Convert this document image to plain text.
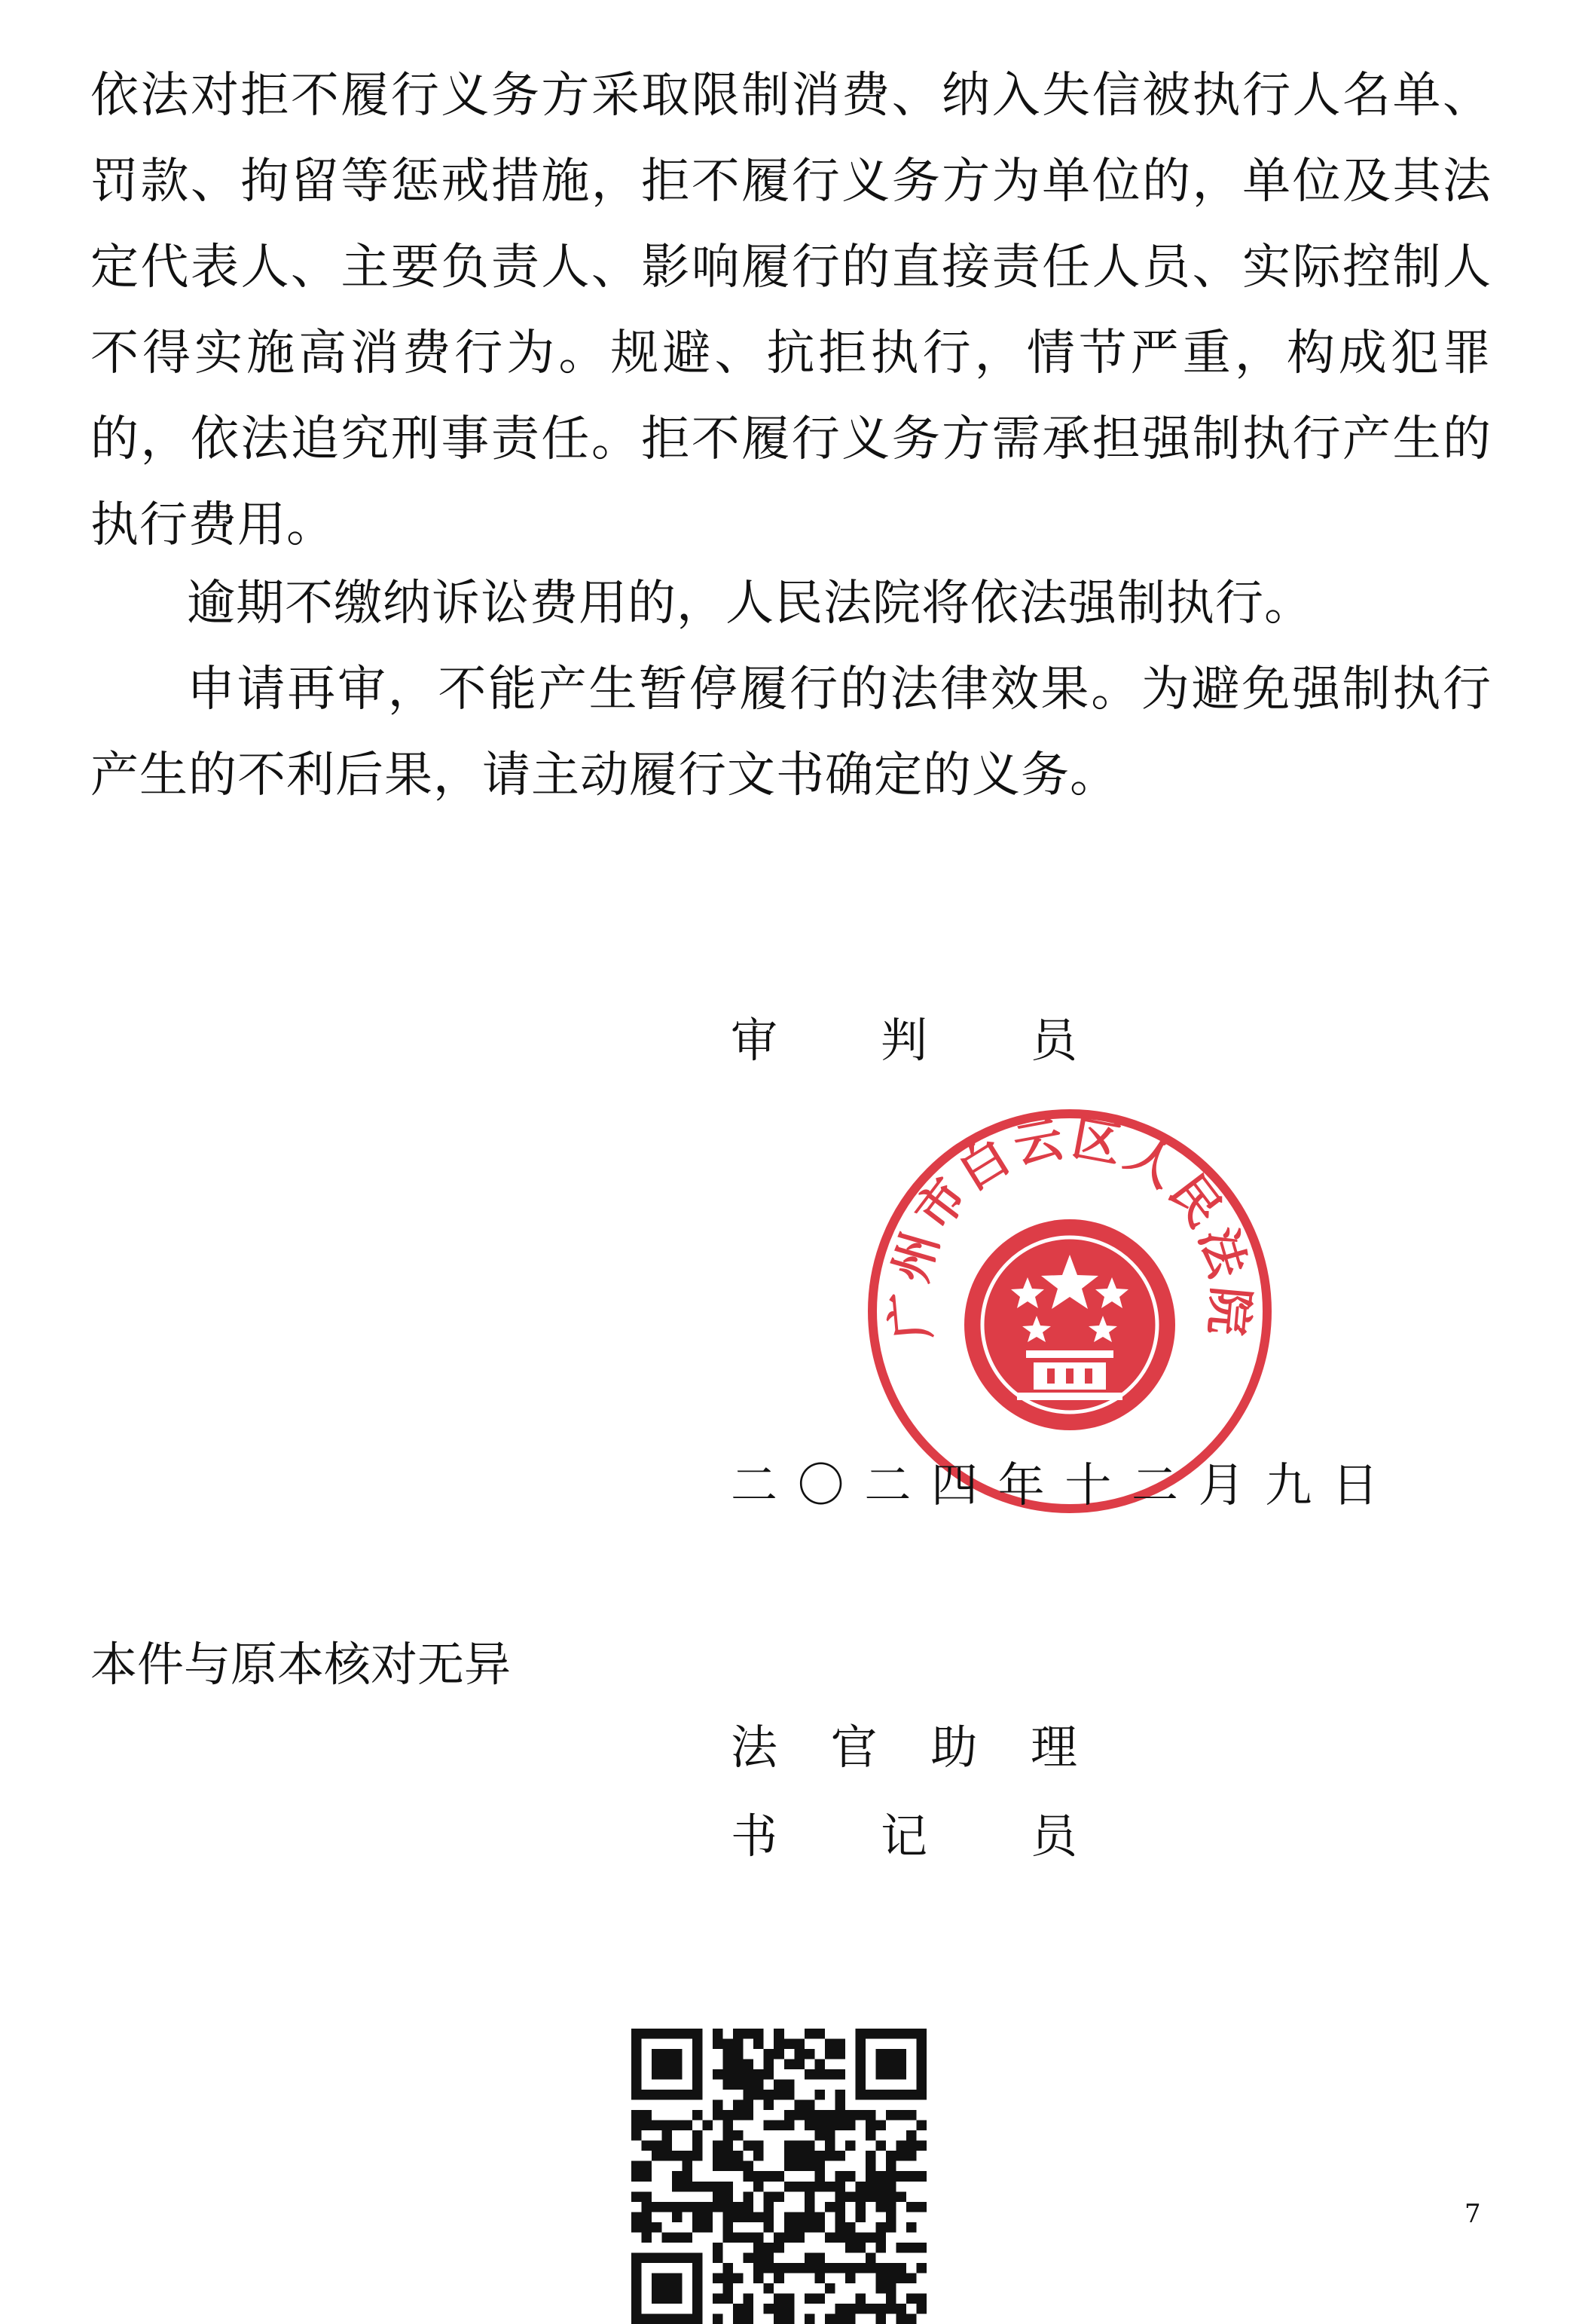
依法对拒不履行义务方采取限制消费、纳入失信被执行人名单、罚款、拘留等惩戒措施，拒不履行义务方为单位的，单位及其法定代表人、主要负责人、影响履行的直接责任人员、实际控制人不得实施高消费行为。规避、抗拒执行，情节严重，构成犯罪的，依法追究刑事责任。拒不履行义务方需承担强制执行产生的执行费用。

逾期不缴纳诉讼费用的，人民法院将依法强制执行。

申请再审，不能产生暂停履行的法律效果。为避免强制执行产生的不利后果，请主动履行文书确定的义务。

审 判 员
广州市白云区人民法院
二 〇 二 四 年 十 二 月 九 日
本件与原本核对无异
法 官 助 理
书 记 员
7
